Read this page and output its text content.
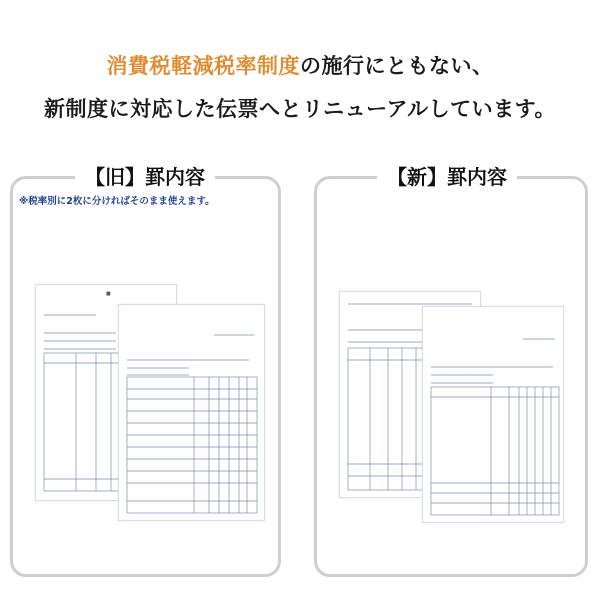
消費税軽減税率制度の施行にともない、
新制度に対応した伝票へとリニューアルしています。
【旧】罫内容
※税率別に2枚に分ければそのまま使えます。
■
【新】罫内容
